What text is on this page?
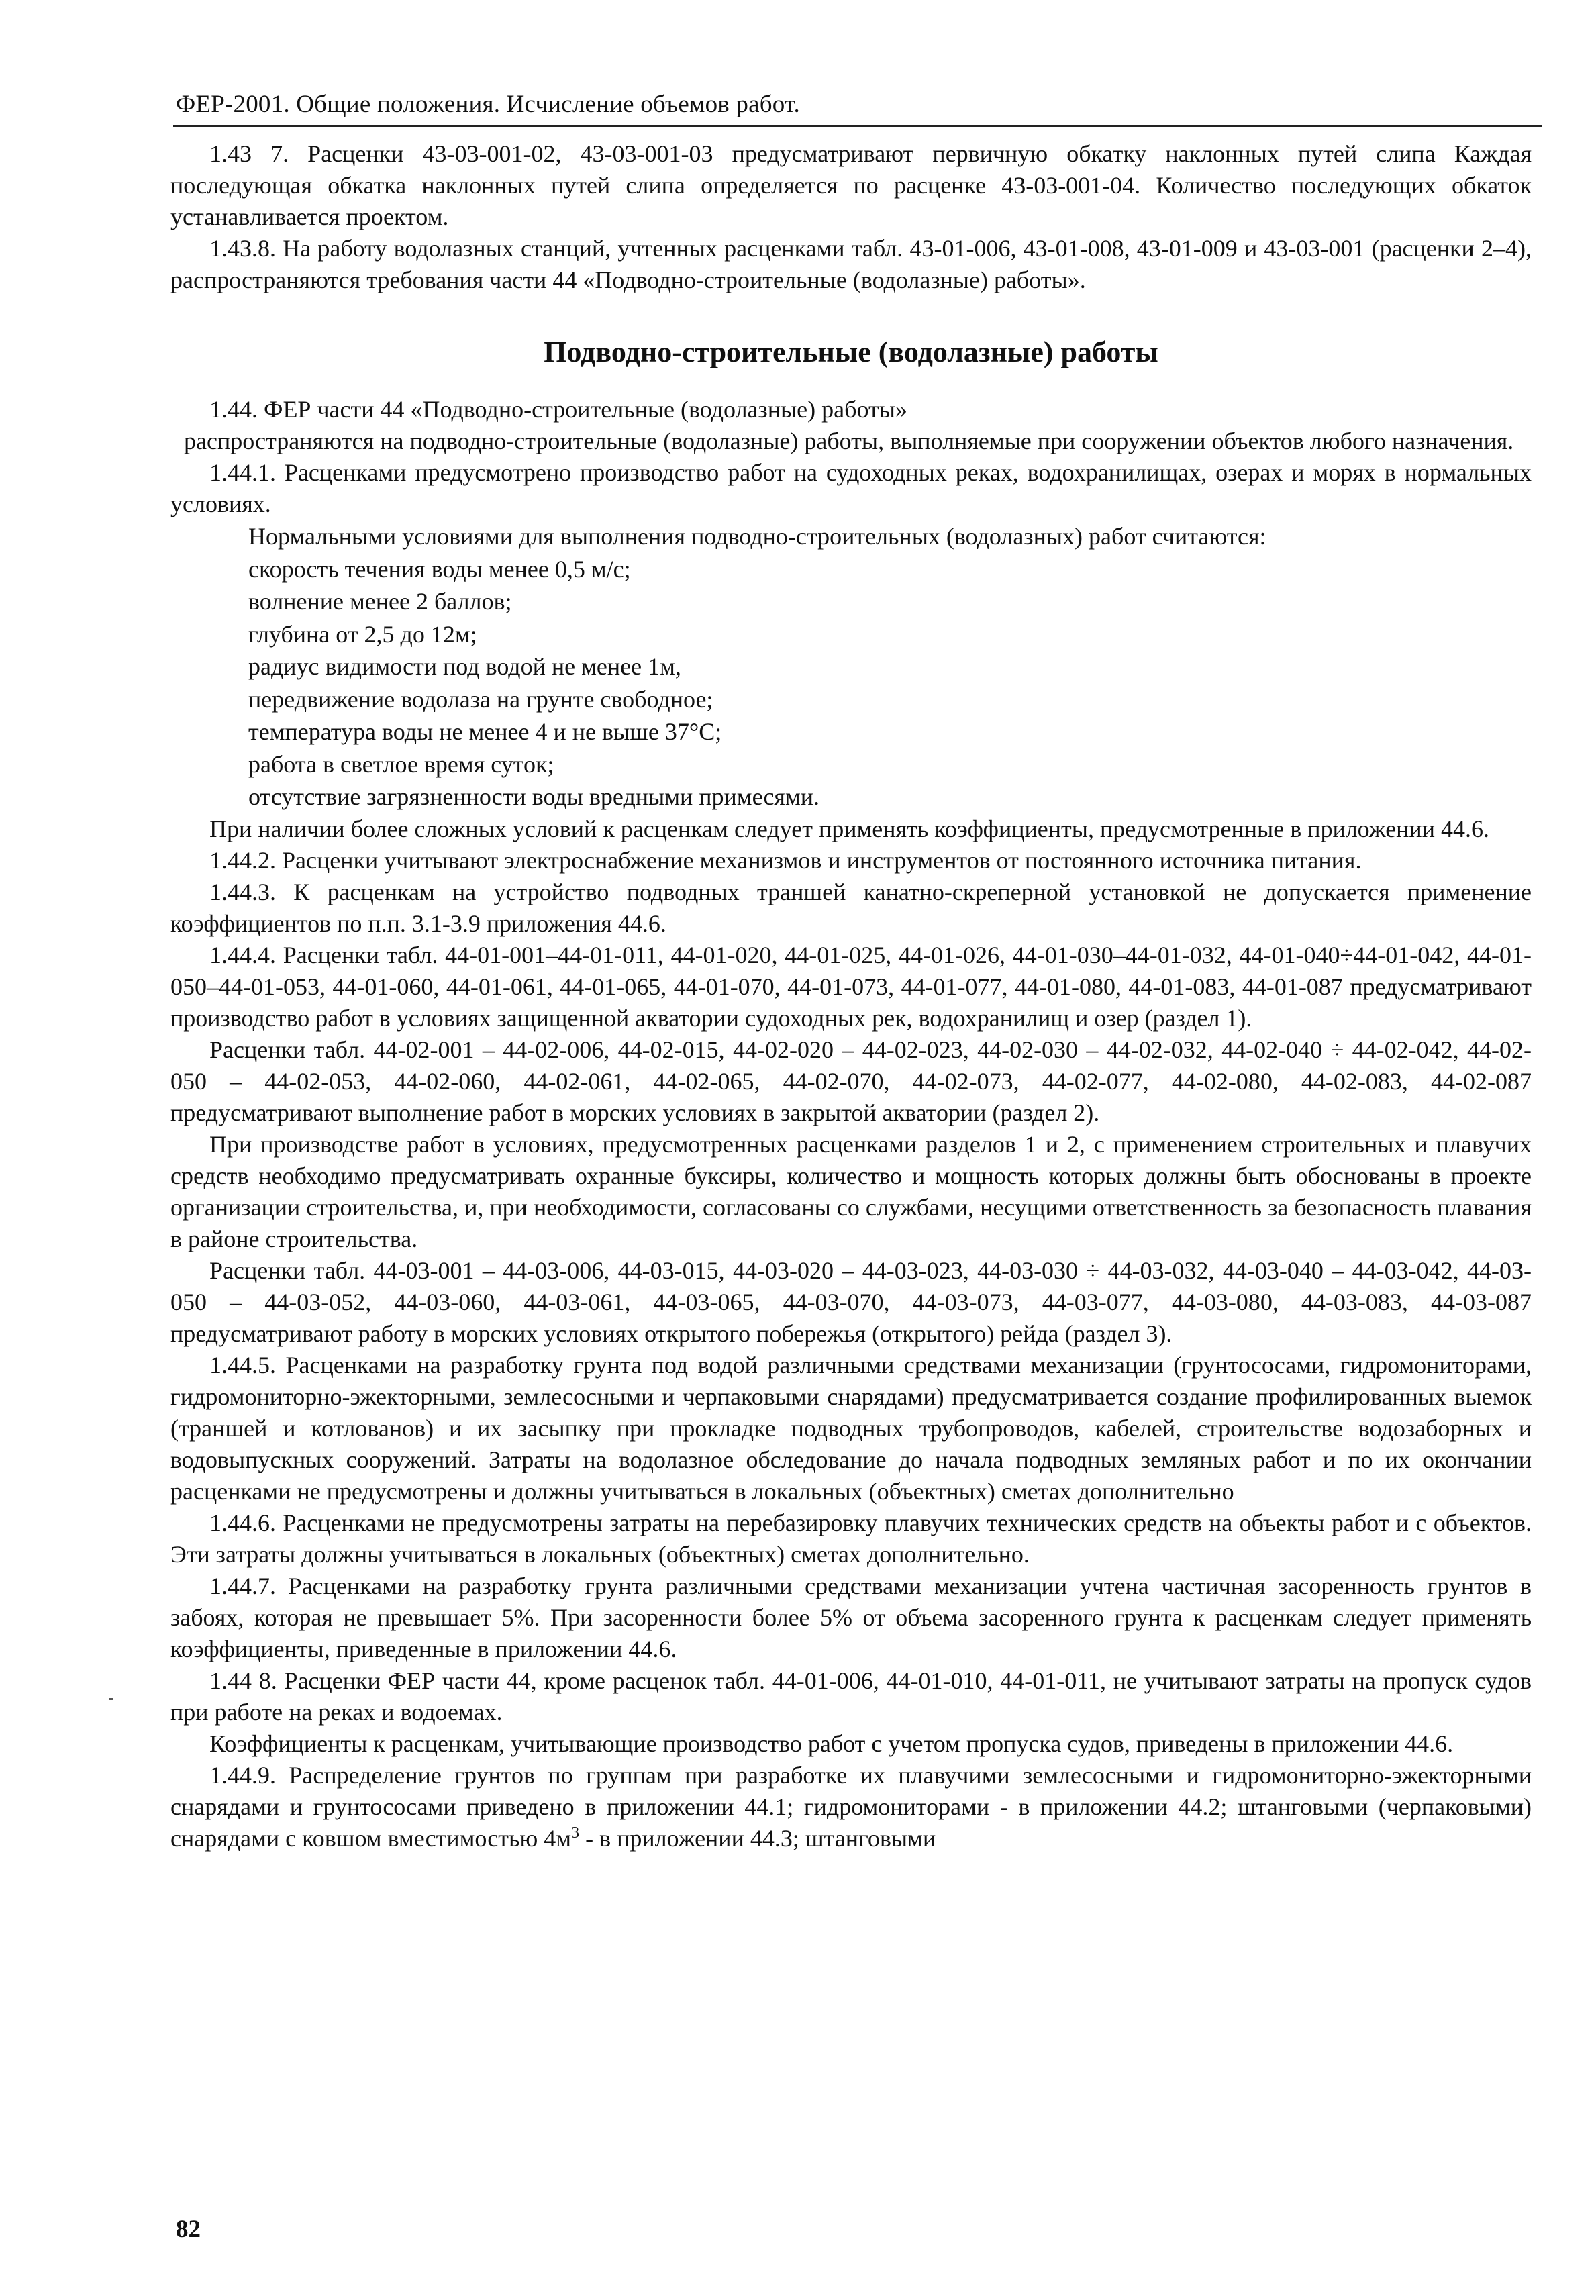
ФЕР-2001. Общие положения. Исчисление объемов работ.

1.43 7. Расценки 43-03-001-02, 43-03-001-03 предусматривают первичную обкатку наклонных путей слипа Каждая последующая обкатка наклонных путей слипа определяется по расценке 43-03-001-04. Количество последующих обкаток устанавливается проектом.

1.43.8. На работу водолазных станций, учтенных расценками табл. 43-01-006, 43-01-008, 43-01-009 и 43-03-001 (расценки 2–4), распространяются требования части 44 «Подводно-строительные (водолазные) работы».

Подводно-строительные (водолазные) работы

1.44. ФЕР части 44 «Подводно-строительные (водолазные) работы»

распространяются на подводно-строительные (водолазные) работы, выполняемые при сооружении объектов любого назначения.

1.44.1. Расценками предусмотрено производство работ на судоходных реках, водохранилищах, озерах и морях в нормальных условиях.

Нормальными условиями для выполнения подводно-строительных (водолазных) работ считаются:

скорость течения воды менее 0,5 м/с;

волнение менее 2 баллов;

глубина от 2,5 до 12м;

радиус видимости под водой не менее 1м,

передвижение водолаза на грунте свободное;

температура воды не менее 4 и не выше 37°С;

работа в светлое время суток;

отсутствие загрязненности воды вредными примесями.

При наличии более сложных условий к расценкам следует применять коэффициенты, предусмотренные в приложении 44.6.

1.44.2. Расценки учитывают электроснабжение механизмов и инструментов от постоянного источника питания.

1.44.3. К расценкам на устройство подводных траншей канатно-скреперной установкой не допускается применение коэффициентов по п.п. 3.1-3.9 приложения 44.6.

1.44.4. Расценки табл. 44-01-001–44-01-011, 44-01-020, 44-01-025, 44-01-026, 44-01-030–44-01-032, 44-01-040÷44-01-042, 44-01-050–44-01-053, 44-01-060, 44-01-061, 44-01-065, 44-01-070, 44-01-073, 44-01-077, 44-01-080, 44-01-083, 44-01-087 предусматривают производство работ в условиях защищенной акватории судоходных рек, водохранилищ и озер (раздел 1).

Расценки табл. 44-02-001 – 44-02-006, 44-02-015, 44-02-020 – 44-02-023, 44-02-030 – 44-02-032, 44-02-040 ÷ 44-02-042, 44-02-050 – 44-02-053, 44-02-060, 44-02-061, 44-02-065, 44-02-070, 44-02-073, 44-02-077, 44-02-080, 44-02-083, 44-02-087 предусматривают выполнение работ в морских условиях в закрытой акватории (раздел 2).

При производстве работ в условиях, предусмотренных расценками разделов 1 и 2, с применением строительных и плавучих средств необходимо предусматривать охранные буксиры, количество и мощность которых должны быть обоснованы в проекте организации строительства, и, при необходимости, согласованы со службами, несущими ответственность за безопасность плавания в районе строительства.

Расценки табл. 44-03-001 – 44-03-006, 44-03-015, 44-03-020 – 44-03-023, 44-03-030 ÷ 44-03-032, 44-03-040 – 44-03-042, 44-03-050 – 44-03-052, 44-03-060, 44-03-061, 44-03-065, 44-03-070, 44-03-073, 44-03-077, 44-03-080, 44-03-083, 44-03-087 предусматривают работу в морских условиях открытого побережья (открытого) рейда (раздел 3).

1.44.5. Расценками на разработку грунта под водой различными средствами механизации (грунтососами, гидромониторами, гидромониторно-эжекторными, землесосными и черпаковыми снарядами) предусматривается создание профилированных выемок (траншей и котлованов) и их засыпку при прокладке подводных трубопроводов, кабелей, строительстве водозаборных и водовыпускных сооружений. Затраты на водолазное обследование до начала подводных земляных работ и по их окончании расценками не предусмотрены и должны учитываться в локальных (объектных) сметах дополнительно

1.44.6. Расценками не предусмотрены затраты на перебазировку плавучих технических средств на объекты работ и с объектов. Эти затраты должны учитываться в локальных (объектных) сметах дополнительно.

1.44.7. Расценками на разработку грунта различными средствами механизации учтена частичная засоренность грунтов в забоях, которая не превышает 5%. При засоренности более 5% от объема засоренного грунта к расценкам следует применять коэффициенты, приведенные в приложении 44.6.

1.44 8. Расценки ФЕР части 44, кроме расценок табл. 44-01-006, 44-01-010, 44-01-011, не учитывают затраты на пропуск судов при работе на реках и водоемах.

Коэффициенты к расценкам, учитывающие производство работ с учетом пропуска судов, приведены в приложении 44.6.

1.44.9. Распределение грунтов по группам при разработке их плавучими землесосными и гидромониторно-эжекторными снарядами и грунтососами приведено в приложении 44.1; гидромониторами - в приложении 44.2; штанговыми (черпаковыми) снарядами с ковшом вместимостью $4м^3$ - в приложении 44.3; штанговыми

82
